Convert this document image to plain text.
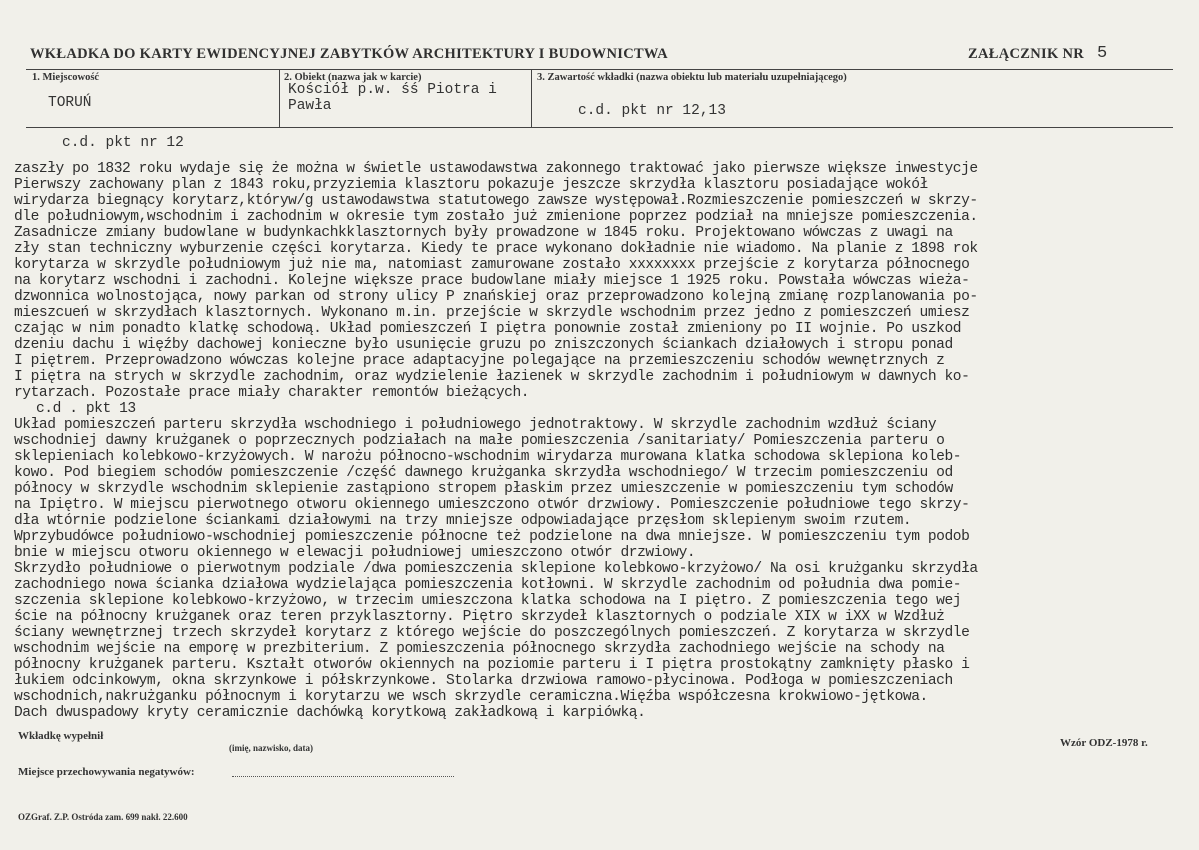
WKŁADKA DO KARTY EWIDENCYJNEJ ZABYTKÓW ARCHITEKTURY I BUDOWNICTWA	ZAŁĄCZNIK NR 5
1. Miejscowość
TORUŃ
2. Obiekt (nazwa jak w karcie)
Kościół p.w. śś Piotra i
Pawła
3. Zawartość wkładki (nazwa obiektu lub materiału uzupełniającego)
c.d. pkt nr 12,13
c.d. pkt nr 12
zaszły po 1832 roku wydaje się że można w świetle ustawodawstwa zakonnego traktować jako pierwsze większe inwestycje
Pierwszy zachowany plan z 1843 roku,przyziemia klasztoru pokazuje jeszcze skrzydła klasztoru posiadające wokół
wirydarza biegnący korytarz,któryw/g ustawodawstwa statutowego zawsze występował.Rozmieszczenie pomieszczeń w skrzy-
dle południowym,wschodnim i zachodnim w okresie tym zostało już zmienione poprzez podział na mniejsze pomieszczenia.
Zasadnicze zmiany budowlane w budynkachkklasztornych były prowadzone w 1845 roku. Projektowano wówczas z uwagi na
zły stan techniczny wyburzenie części korytarza. Kiedy te prace wykonano dokładnie nie wiadomo. Na planie z 1898 rok
korytarza w skrzydle południowym już nie ma, natomiast zamurowane zostało xxxxxxxx przejście z korytarza północnego
na korytarz wschodni i zachodni. Kolejne większe prace budowlane miały miejsce 1 1925 roku. Powstała wówczas wieża-
dzwonnica wolnostojąca, nowy parkan od strony ulicy P znańskiej oraz przeprowadzono kolejną zmianę rozplanowania po-
mieszcueń w skrzydłach klasztornych. Wykonano m.in. przejście w skrzydle wschodnim przez jedno z pomieszczeń umiesz
czając w nim ponadto klatkę schodową. Układ pomieszczeń I piętra ponownie został zmieniony po II wojnie. Po uszkod
dzeniu dachu i więźby dachowej konieczne było usunięcie gruzu po zniszczonych ściankach działowych i stropu ponad
I piętrem. Przeprowadzono wówczas kolejne prace adaptacyjne polegające na przemieszczeniu schodów wewnętrznych z
I piętra na strych w skrzydle zachodnim, oraz wydzielenie łazienek w skrzydle zachodnim i południowym w dawnych ko-
rytarzach. Pozostałe prace miały charakter remontów bieżących.
c.d . pkt 13
Układ pomieszczeń parteru skrzydła wschodniego i południowego jednotraktowy. W skrzydle zachodnim wzdłuż ściany
wschodniej dawny krużganek o poprzecznych podziałach na małe pomieszczenia /sanitariaty/ Pomieszczenia parteru o
sklepieniach kolebkowo-krzyżowych. W narożu północno-wschodnim wirydarza murowana klatka schodowa sklepiona koleb-
kowo. Pod biegiem schodów pomieszczenie /część dawnego krużganka skrzydła wschodniego/ W trzecim pomieszczeniu od
północy w skrzydle wschodnim sklepienie zastąpiono stropem płaskim przez umieszczenie w pomieszczeniu tym schodów
na Ipiętro. W miejscu pierwotnego otworu okiennego umieszczono otwór drzwiowy. Pomieszczenie południowe tego skrzy-
dła wtórnie podzielone ściankami działowymi na trzy mniejsze odpowiadające przęsłom sklepienym swoim rzutem.
Wprzybudówce południowo-wschodniej pomieszczenie północne też podzielone na dwa mniejsze. W pomieszczeniu tym podob
bnie w miejscu otworu okiennego w elewacji południowej umieszczono otwór drzwiowy.
Skrzydło południowe o pierwotnym podziale /dwa pomieszczenia sklepione kolebkowo-krzyżowo/ Na osi krużganku skrzydła
zachodniego nowa ścianka działowa wydzielająca pomieszczenia kotłowni. W skrzydle zachodnim od południa dwa pomie-
szczenia sklepione kolebkowo-krzyżowo, w trzecim umieszczona klatka schodowa na I piętro. Z pomieszczenia tego wej
ście na północny krużganek oraz teren przyklasztorny. Piętro skrzydeł klasztornych o podziale XIX w iXX w Wzdłuż
ściany wewnętrznej trzech skrzydeł korytarz z którego wejście do poszczególnych pomieszczeń. Z korytarza w skrzydle
wschodnim wejście na emporę w prezbiterium. Z pomieszczenia północnego skrzydła zachodniego wejście na schody na
północny krużganek parteru. Kształt otworów okiennych na poziomie parteru i I piętra prostokątny zamknięty płasko i
łukiem odcinkowym, okna skrzynkowe i półskrzynkowe. Stolarka drzwiowa ramowo-płycinowa. Podłoga w pomieszczeniach
wschodnich,nakrużganku północnym i korytarzu we wsch skrzydle ceramiczna.Więźba współczesna krokwiowo-jętkowa.
Dach dwuspadowy kryty ceramicznie dachówką korytkową zakładkową i karpiówką.
Wkładkę wypełnił
(imię, nazwisko, data)	Wzór ODZ-1978 r.
Miejsce przechowywania negatywów:
OZGraf. Z.P. Ostróda zam. 699 nakł. 22.600
